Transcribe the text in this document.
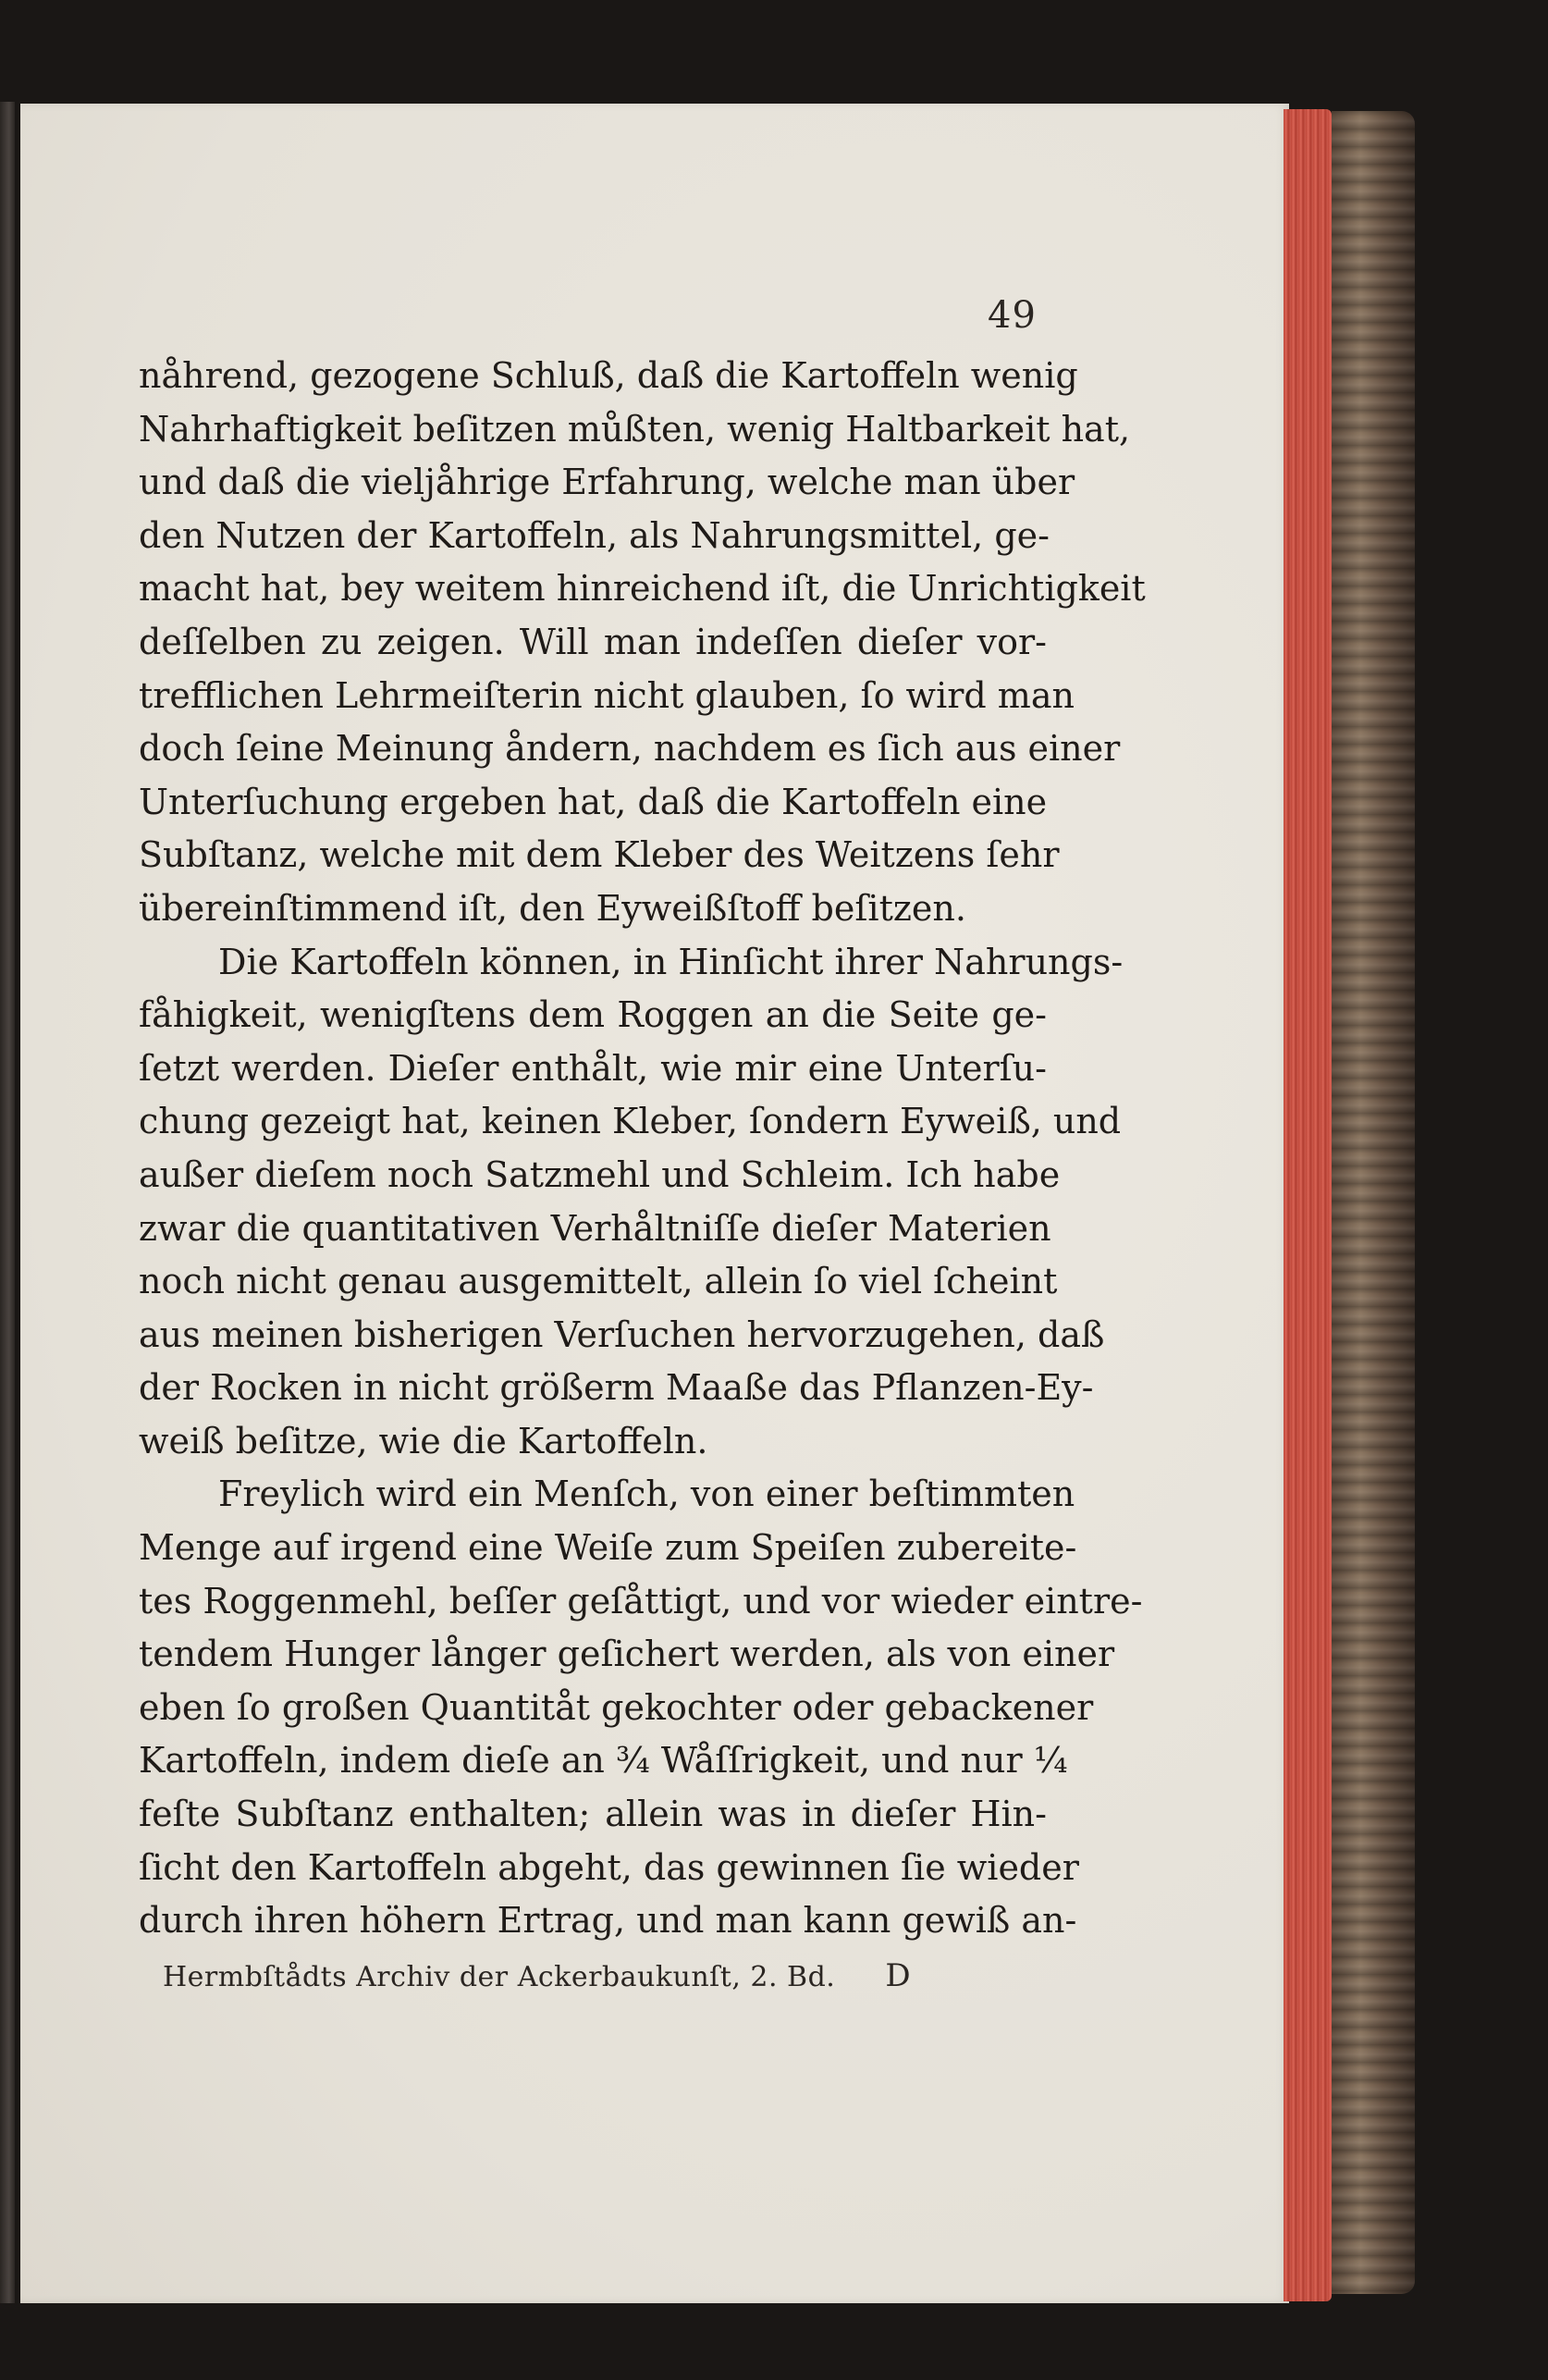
49
nåhrend, gezogene Schluß, daß die Kartoffeln wenig
Nahrhaftigkeit beſitzen můßten, wenig Haltbarkeit hat,
und daß die vieljåhrige Erfahrung, welche man über
den Nutzen der Kartoffeln, als Nahrungsmittel, ge-
macht hat, bey weitem hinreichend iſt, die Unrichtigkeit
deſſelben zu zeigen. Will man indeſſen dieſer vor-
trefflichen Lehrmeiſterin nicht glauben, ſo wird man
doch ſeine Meinung åndern, nachdem es ſich aus einer
Unterſuchung ergeben hat, daß die Kartoffeln eine
Subſtanz, welche mit dem Kleber des Weitzens ſehr
übereinſtimmend iſt, den Eyweißſtoff beſitzen.
Die Kartoffeln können, in Hinſicht ihrer Nahrungs-
fåhigkeit, wenigſtens dem Roggen an die Seite ge-
ſetzt werden. Dieſer enthålt, wie mir eine Unterſu-
chung gezeigt hat, keinen Kleber, ſondern Eyweiß, und
außer dieſem noch Satzmehl und Schleim. Ich habe
zwar die quantitativen Verhåltniſſe dieſer Materien
noch nicht genau ausgemittelt, allein ſo viel ſcheint
aus meinen bisherigen Verſuchen hervorzugehen, daß
der Rocken in nicht größerm Maaße das Pflanzen-Ey-
weiß beſitze, wie die Kartoffeln.
Freylich wird ein Menſch, von einer beſtimmten
Menge auf irgend eine Weiſe zum Speiſen zubereite-
tes Roggenmehl, beſſer geſåttigt, und vor wieder eintre-
tendem Hunger långer geſichert werden, als von einer
eben ſo großen Quantitåt gekochter oder gebackener
Kartoffeln, indem dieſe an ¾ Wåſſrigkeit, und nur ¼
feſte Subſtanz enthalten; allein was in dieſer Hin-
ſicht den Kartoffeln abgeht, das gewinnen ſie wieder
durch ihren höhern Ertrag, und man kann gewiß an-
Hermbſtådts Archiv der Ackerbaukunſt, 2. Bd. D
